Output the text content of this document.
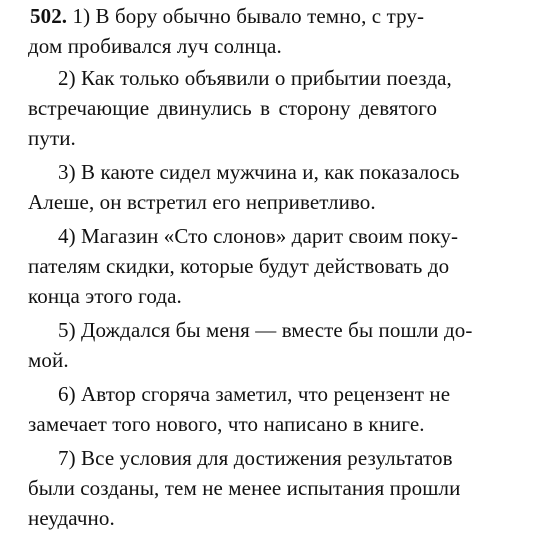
502. 1) В бору обычно бывало темно, с тру-
дом пробивался луч солнца.
2) Как только объявили о прибытии поезда,
встречающие двинулись в сторону девятого
пути.
3) В каюте сидел мужчина и, как показалось
Алеше, он встретил его неприветливо.
4) Магазин «Сто слонов» дарит своим поку-
пателям скидки, которые будут действовать до
конца этого года.
5) Дождался бы меня — вместе бы пошли до-
мой.
6) Автор сгоряча заметил, что рецензент не
замечает того нового, что написано в книге.
7) Все условия для достижения результатов
были созданы, тем не менее испытания прошли
неудачно.
